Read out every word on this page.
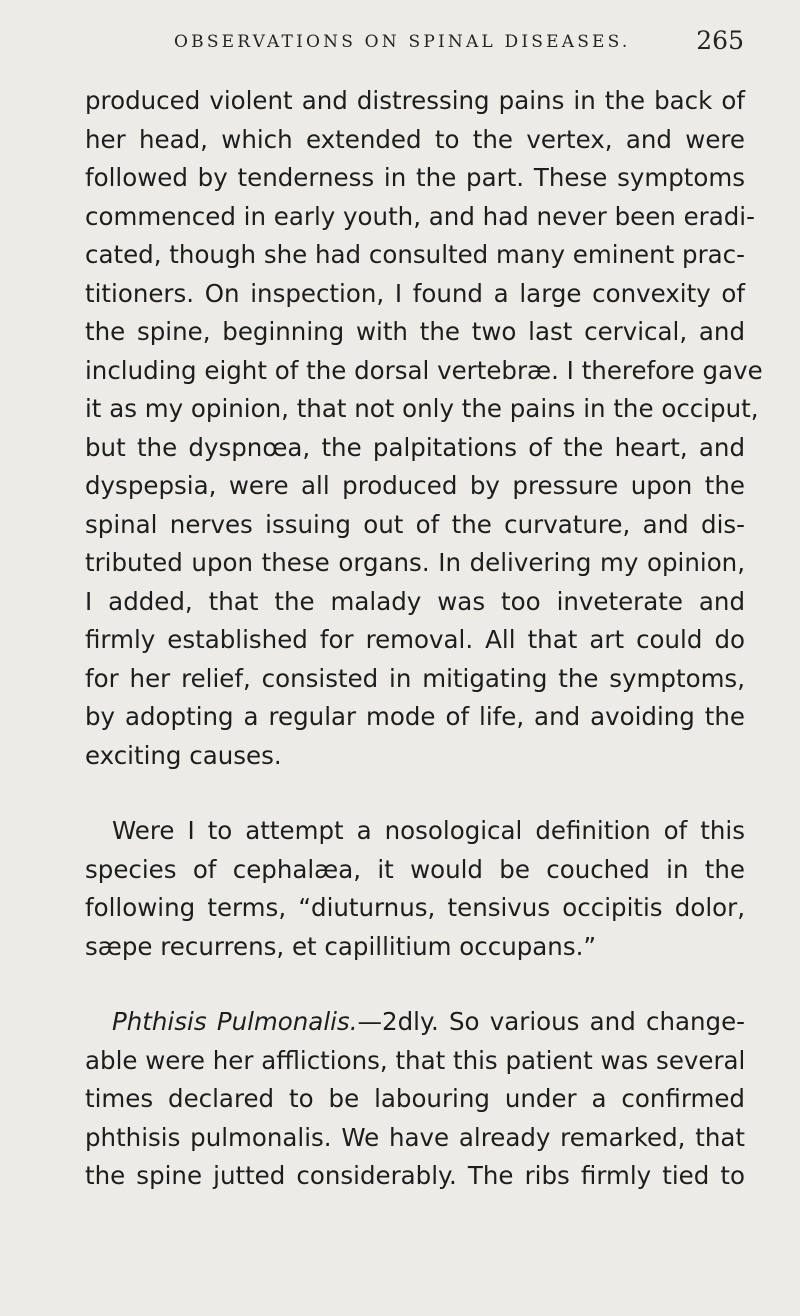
OBSERVATIONS ON SPINAL DISEASES.	265
produced violent and distressing pains in the back of
her head, which extended to the vertex, and were
followed by tenderness in the part. These symptoms
commenced in early youth, and had never been eradi-
cated, though she had consulted many eminent prac-
titioners. On inspection, I found a large convexity of
the spine, beginning with the two last cervical, and
including eight of the dorsal vertebræ. I therefore gave
it as my opinion, that not only the pains in the occiput,
but the dyspnœa, the palpitations of the heart, and
dyspepsia, were all produced by pressure upon the
spinal nerves issuing out of the curvature, and dis-
tributed upon these organs. In delivering my opinion,
I added, that the malady was too inveterate and
firmly established for removal. All that art could do
for her relief, consisted in mitigating the symptoms,
by adopting a regular mode of life, and avoiding the
exciting causes.
Were I to attempt a nosological definition of this
species of cephalæa, it would be couched in the
following terms, “diuturnus, tensivus occipitis dolor,
sæpe recurrens, et capillitium occupans.”
Phthisis Pulmonalis.—2dly. So various and change-
able were her afflictions, that this patient was several
times declared to be labouring under a confirmed
phthisis pulmonalis. We have already remarked, that
the spine jutted considerably. The ribs firmly tied to
